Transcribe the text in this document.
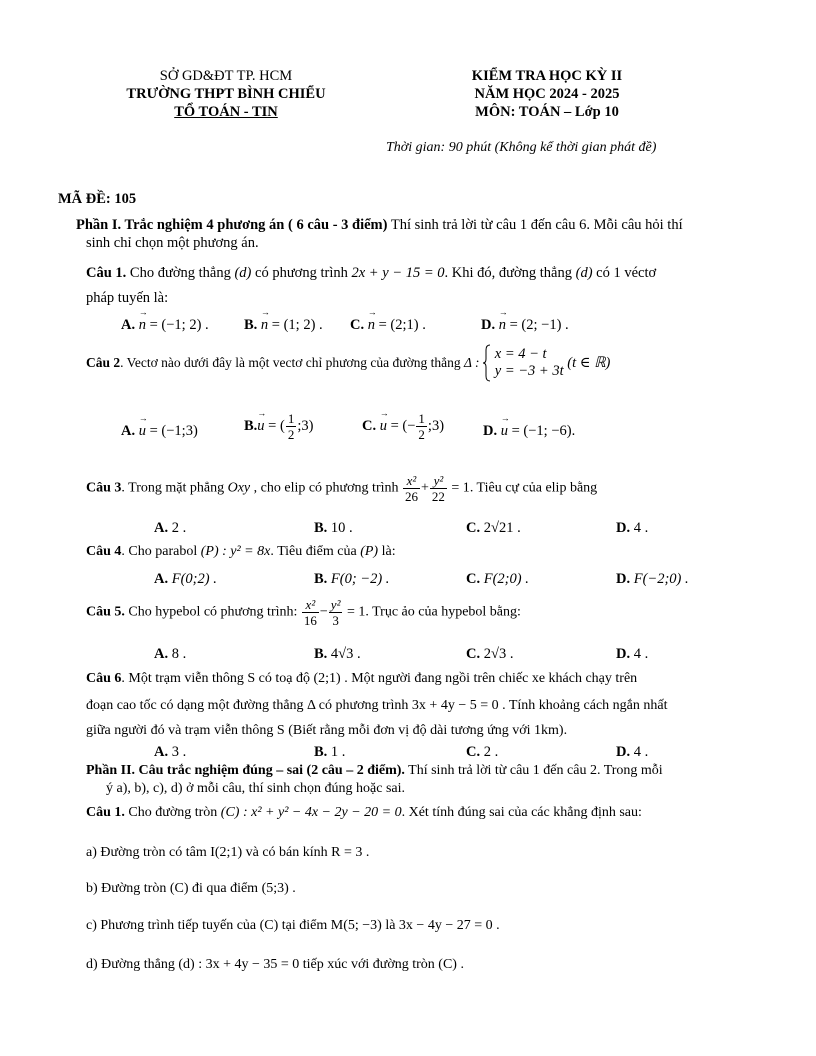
SỞ GD&ĐT TP. HCM
TRƯỜNG THPT BÌNH CHIỂU
TỔ TOÁN - TIN
KIỂM TRA HỌC KỲ II
NĂM HỌC 2024 - 2025
MÔN: TOÁN – Lớp 10
Thời gian: 90 phút (Không kể thời gian phát đề)
MÃ ĐỀ: 105
Phần I. Trắc nghiệm 4 phương án ( 6 câu - 3 điểm) Thí sinh trả lời từ câu 1 đến câu 6. Mỗi câu hỏi thí
sinh chỉ chọn một phương án.
Câu 1. Cho đường thẳng (d) có phương trình 2x + y − 15 = 0. Khi đó, đường thẳng (d) có 1 véctơ
pháp tuyến là:
A. → n = (−1; 2) . B. → n = (1; 2) . C. → n = (2;1) .	D. → n = (2; −1) .
Câu 2. Vectơ nào dưới đây là một vectơ chỉ phương của đường thẳng Δ :
x = 4 − t
y = −3 + 3t
(t ∈ ℝ)
A. → u = (−1;3)	B.→ u = ( $\frac{1}{2}$ ;3)	C. → u = (− $\frac{1}{2}$ ;3)	D. → u = (−1; −6).
Câu 3. Trong mặt phẳng Oxy , cho elip có phương trình $\frac{\text{x²}}{26} + \frac{\text{y²}}{22} = 1$. Tiêu cự của elip bằng
A. 2 .	B. 10 .	C. 2√21 .	D. 4 .
Câu 4. Cho parabol (P) : y² = 8x. Tiêu điểm của (P) là:
A. F(0;2) .	B. F(0; −2) .	C. F(2;0) .	D. F(−2;0) .
Câu 5. Cho hypebol có phương trình: $\frac{\text{x²}}{16} - \frac{\text{y²}}{3} = 1$. Trục ảo của hypebol bằng:
A. 8 .	B. 4√3 .	C. 2√3 .	D. 4 .
Câu 6. Một trạm viễn thông S có toạ độ (2;1) . Một người đang ngồi trên chiếc xe khách chạy trên
đoạn cao tốc có dạng một đường thẳng Δ có phương trình 3x + 4y − 5 = 0 . Tính khoảng cách ngắn nhất
giữa người đó và trạm viễn thông S (Biết rằng mỗi đơn vị độ dài tương ứng với 1km).
A. 3 .	B. 1 .	C. 2 .	D. 4 .
Phần II. Câu trắc nghiệm đúng – sai (2 câu – 2 điểm). Thí sinh trả lời từ câu 1 đến câu 2. Trong mỗi
ý a), b), c), d) ở mỗi câu, thí sinh chọn đúng hoặc sai.
Câu 1. Cho đường tròn (C) : x² + y² − 4x − 2y − 20 = 0. Xét tính đúng sai của các khẳng định sau:
a) Đường tròn có tâm I(2;1) và có bán kính R = 3 .
b) Đường tròn (C) đi qua điểm (5;3) .
c) Phương trình tiếp tuyến của (C) tại điểm M(5; −3) là 3x − 4y − 27 = 0 .
d) Đường thẳng (d) : 3x + 4y − 35 = 0 tiếp xúc với đường tròn (C) .
